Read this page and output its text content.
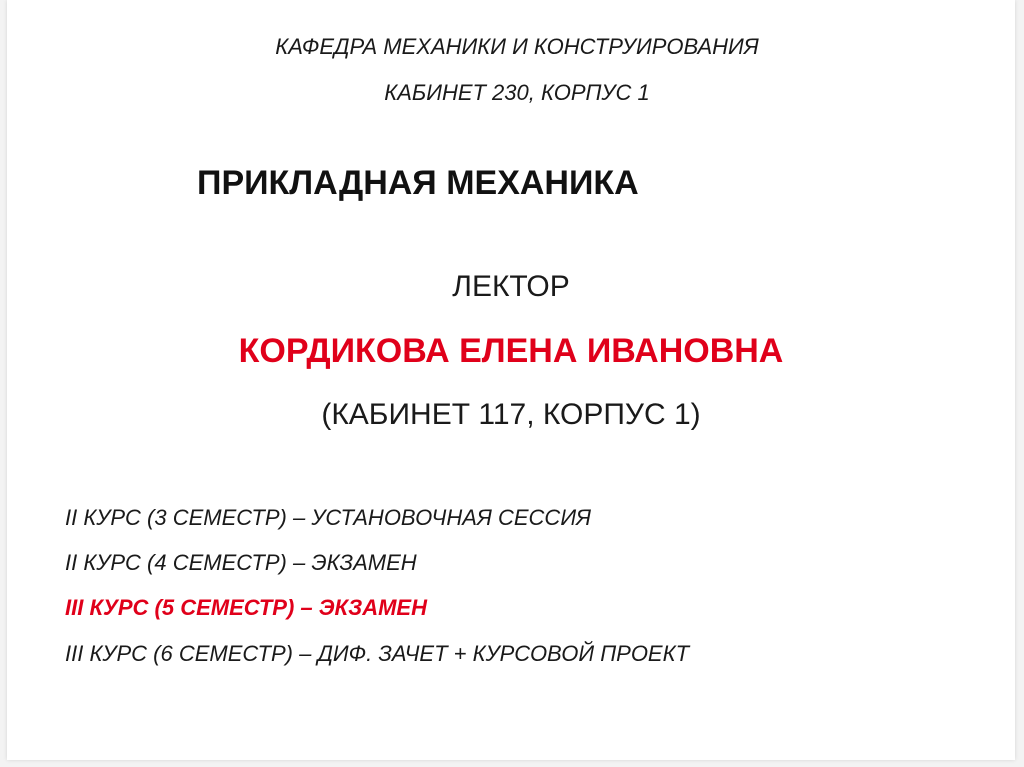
КАФЕДРА МЕХАНИКИ И КОНСТРУИРОВАНИЯ
КАБИНЕТ 230, КОРПУС 1
ПРИКЛАДНАЯ МЕХАНИКА
ЛЕКТОР
КОРДИКОВА ЕЛЕНА ИВАНОВНА
(КАБИНЕТ 117, КОРПУС 1)
II КУРС (3 СЕМЕСТР) – УСТАНОВОЧНАЯ СЕССИЯ
II КУРС (4 СЕМЕСТР) – ЭКЗАМЕН
III КУРС (5 СЕМЕСТР) – ЭКЗАМЕН
III КУРС (6 СЕМЕСТР) – ДИФ. ЗАЧЕТ + КУРСОВОЙ ПРОЕКТ
